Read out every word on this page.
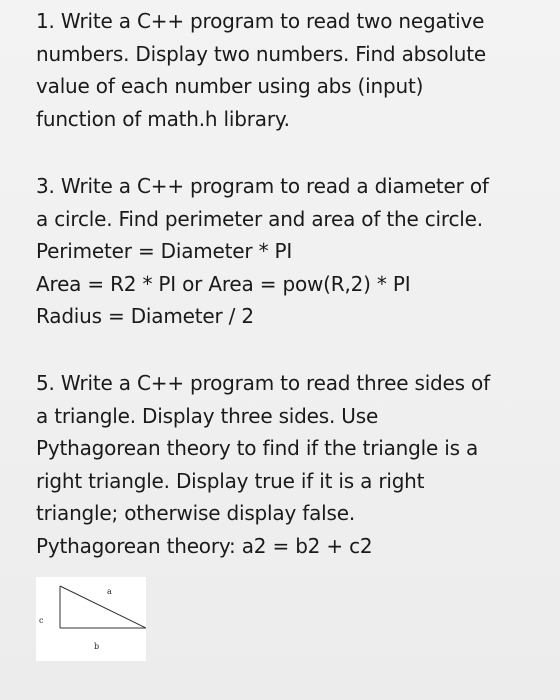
1. Write a C++ program to read two negative
numbers. Display two numbers. Find absolute
value of each number using abs (input)
function of math.h library.
3. Write a C++ program to read a diameter of
a circle. Find perimeter and area of the circle.
Perimeter = Diameter * PI
Area = R2 * PI or Area = pow(R,2) * PI
Radius = Diameter / 2
5. Write a C++ program to read three sides of
a triangle. Display three sides. Use
Pythagorean theory to find if the triangle is a
right triangle. Display true if it is a right
triangle; otherwise display false.
Pythagorean theory: a2 = b2 + c2
a
c
b
